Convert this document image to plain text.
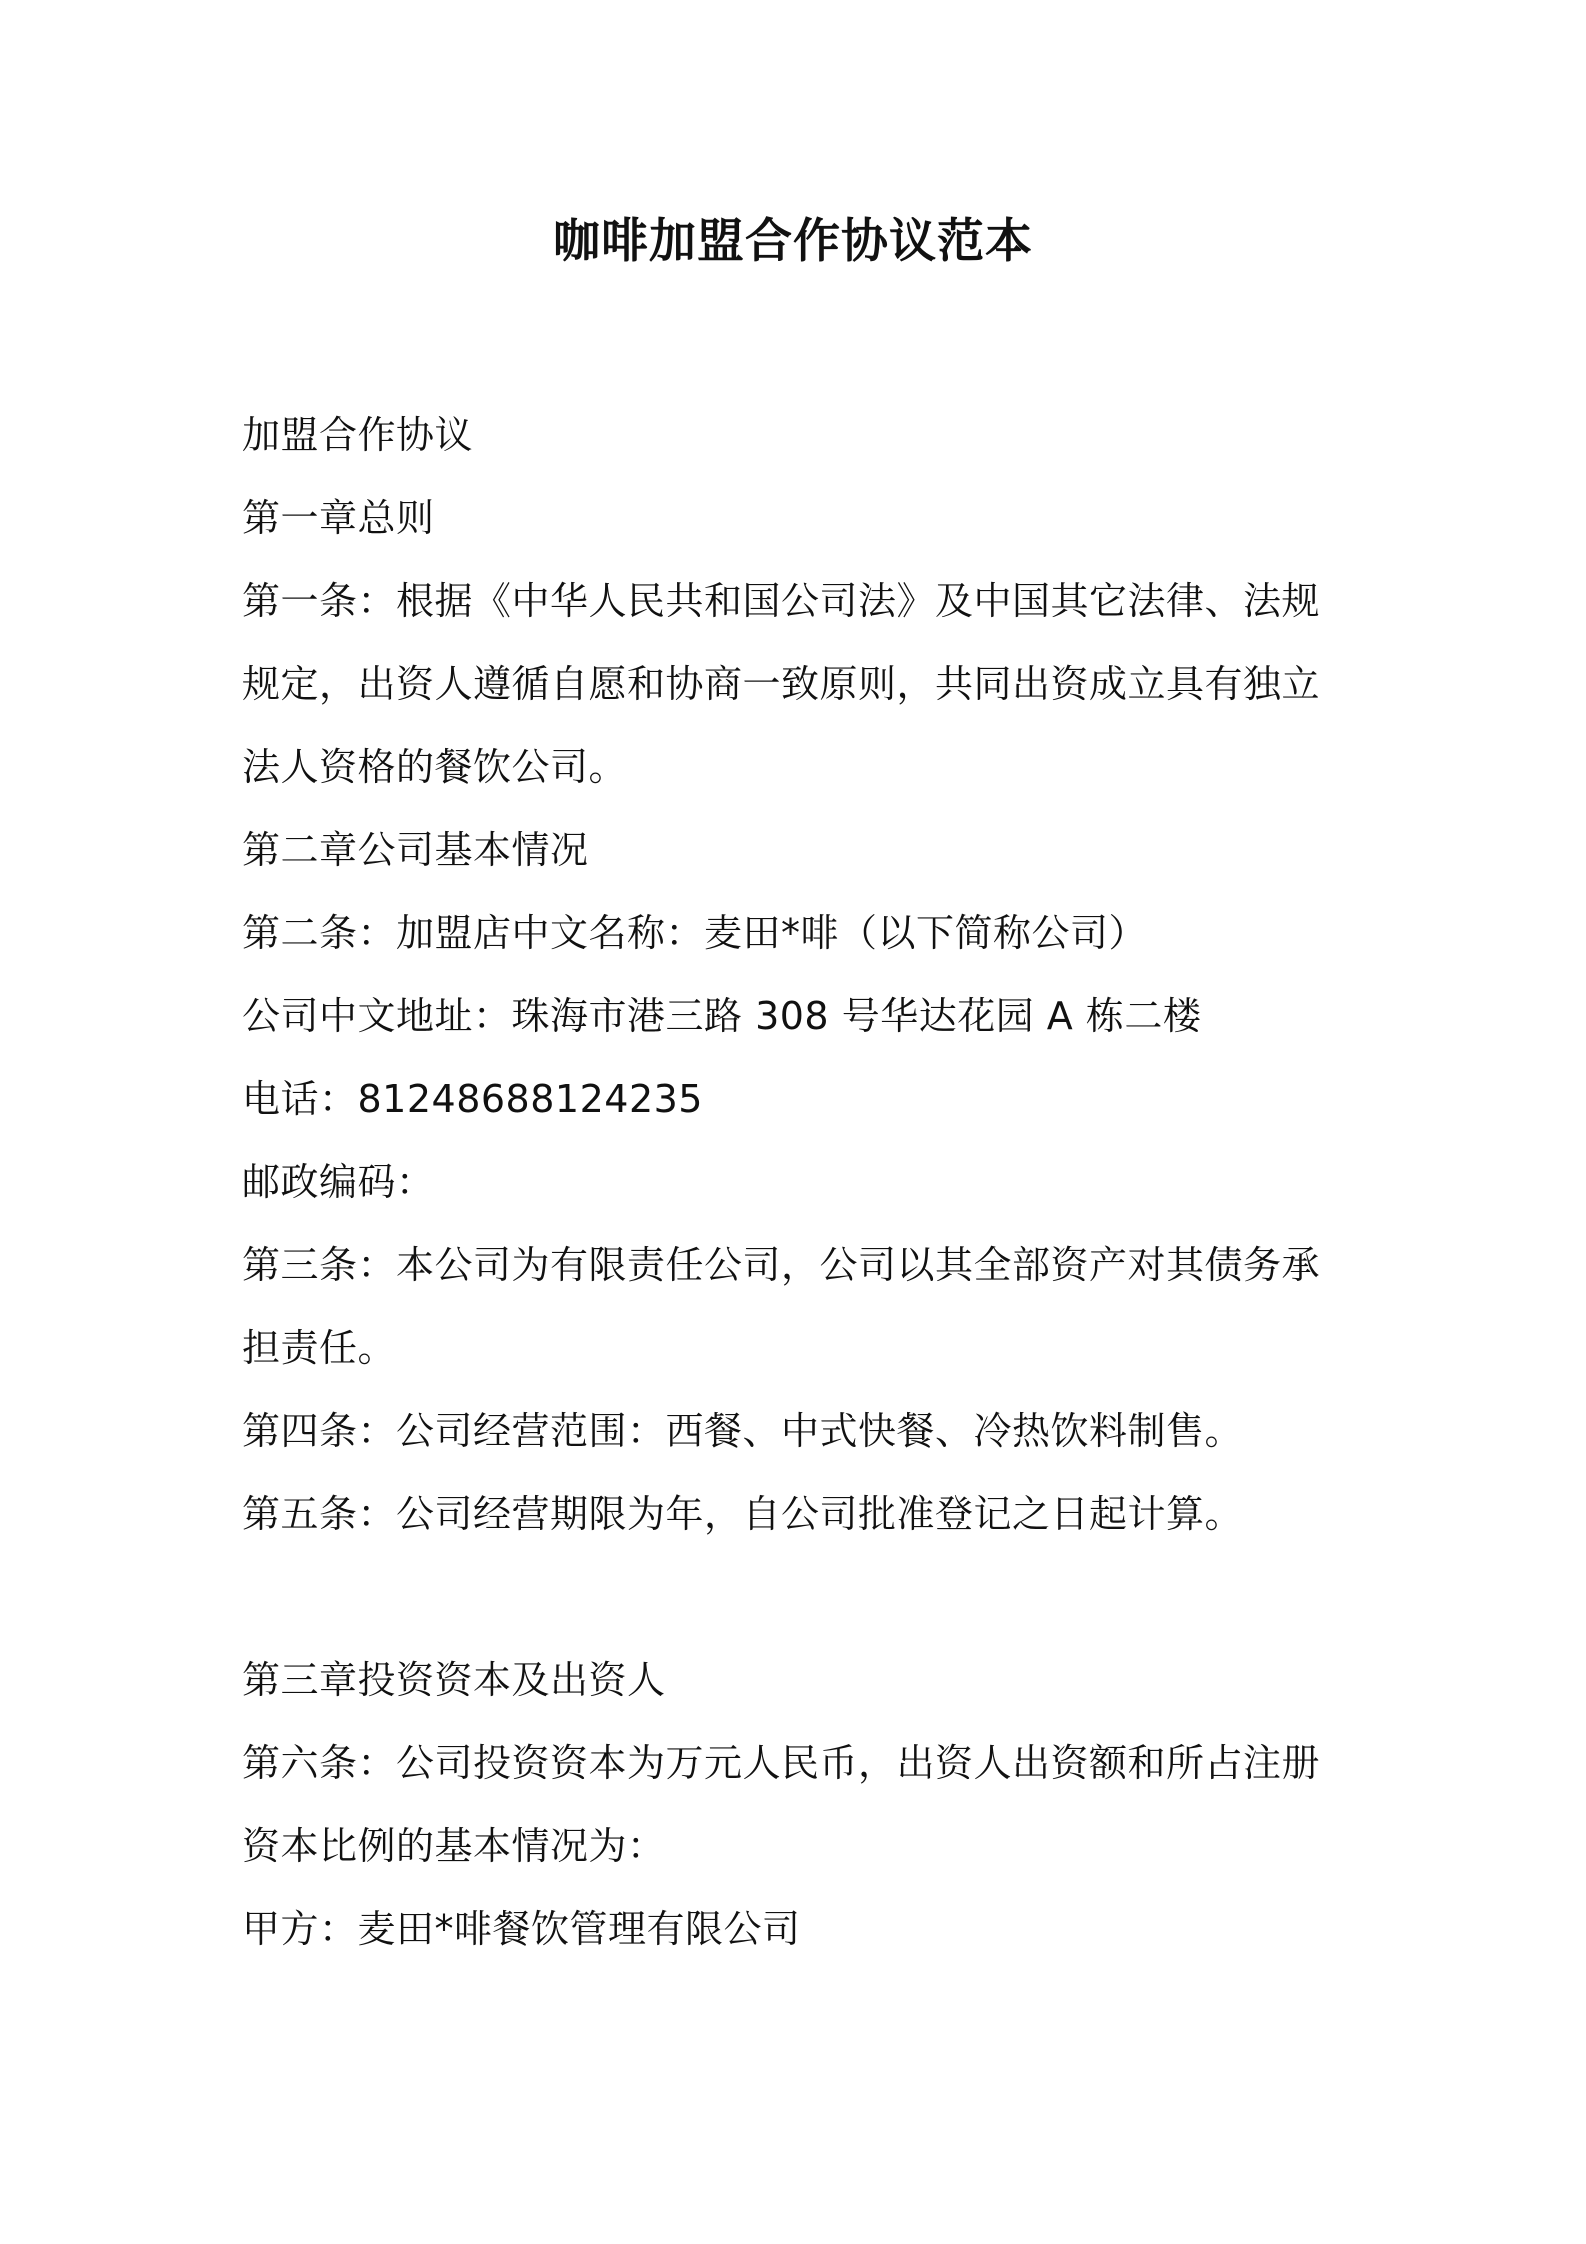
咖啡加盟合作协议范本
加盟合作协议
第一章总则
第一条：根据《中华人民共和国公司法》及中国其它法律、法规
规定，出资人遵循自愿和协商一致原则，共同出资成立具有独立
法人资格的餐饮公司。
第二章公司基本情况
第二条：加盟店中文名称：麦田*啡（以下简称公司）
公司中文地址：珠海市港三路 308 号华达花园 A 栋二楼
电话：81248688124235
邮政编码：
第三条：本公司为有限责任公司，公司以其全部资产对其债务承
担责任。
第四条：公司经营范围：西餐、中式快餐、冷热饮料制售。
第五条：公司经营期限为年，自公司批准登记之日起计算。
第三章投资资本及出资人
第六条：公司投资资本为万元人民币，出资人出资额和所占注册
资本比例的基本情况为：
甲方：麦田*啡餐饮管理有限公司
